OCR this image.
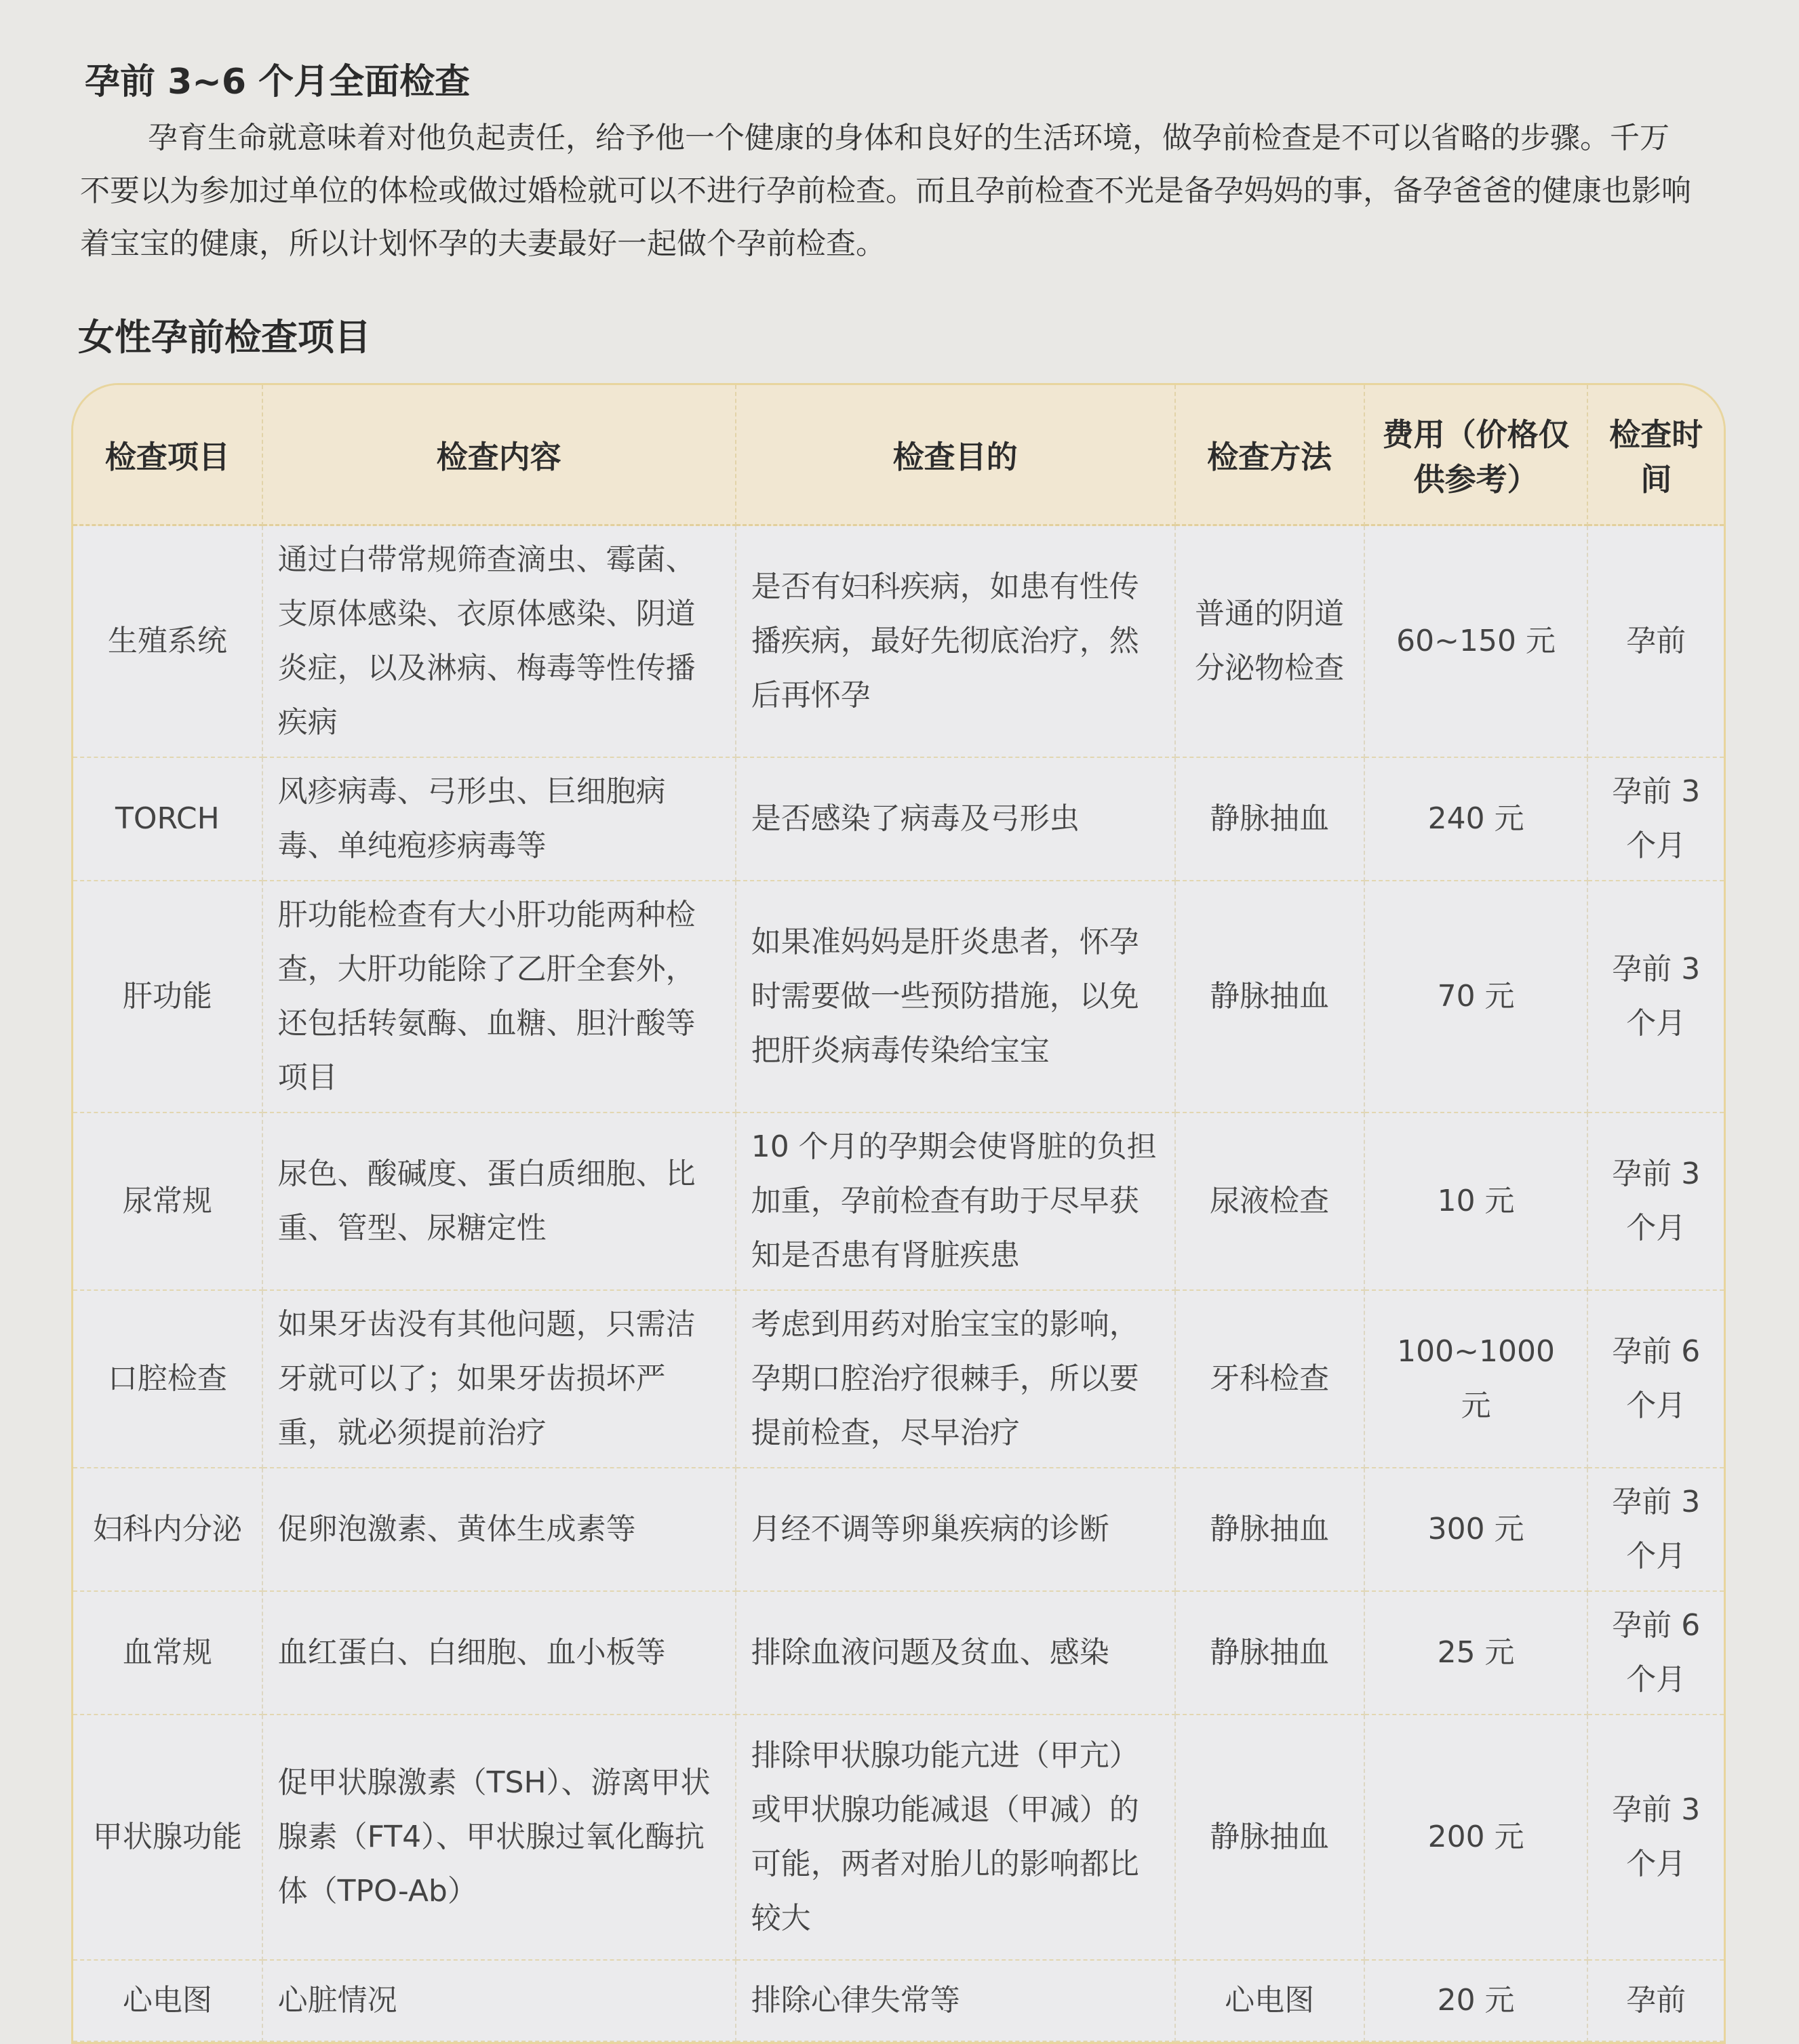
孕前 3~6 个月全面检查
孕育生命就意味着对他负起责任，给予他一个健康的身体和良好的生活环境，做孕前检查是不可以省略的步骤。千万不要以为参加过单位的体检或做过婚检就可以不进行孕前检查。而且孕前检查不光是备孕妈妈的事，备孕爸爸的健康也影响着宝宝的健康，所以计划怀孕的夫妻最好一起做个孕前检查。
女性孕前检查项目
检查项目	检查内容	检查目的	检查方法	费用（价格仅供参考）	检查时间
生殖系统	通过白带常规筛查滴虫、霉菌、支原体感染、衣原体感染、阴道炎症，以及淋病、梅毒等性传播疾病	是否有妇科疾病，如患有性传播疾病，最好先彻底治疗，然后再怀孕	普通的阴道分泌物检查	60~150 元	孕前
TORCH	风疹病毒、弓形虫、巨细胞病毒、单纯疱疹病毒等	是否感染了病毒及弓形虫	静脉抽血	240 元	孕前 3 个月
肝功能	肝功能检查有大小肝功能两种检查，大肝功能除了乙肝全套外，还包括转氨酶、血糖、胆汁酸等项目	如果准妈妈是肝炎患者，怀孕时需要做一些预防措施，以免把肝炎病毒传染给宝宝	静脉抽血	70 元	孕前 3 个月
尿常规	尿色、酸碱度、蛋白质细胞、比重、管型、尿糖定性	10 个月的孕期会使肾脏的负担加重，孕前检查有助于尽早获知是否患有肾脏疾患	尿液检查	10 元	孕前 3 个月
口腔检查	如果牙齿没有其他问题，只需洁牙就可以了；如果牙齿损坏严重，就必须提前治疗	考虑到用药对胎宝宝的影响，孕期口腔治疗很棘手，所以要提前检查，尽早治疗	牙科检查	100~1000 元	孕前 6 个月
妇科内分泌	促卵泡激素、黄体生成素等	月经不调等卵巢疾病的诊断	静脉抽血	300 元	孕前 3 个月
血常规	血红蛋白、白细胞、血小板等	排除血液问题及贫血、感染	静脉抽血	25 元	孕前 6 个月
甲状腺功能	促甲状腺激素（TSH）、游离甲状腺素（FT4）、甲状腺过氧化酶抗体（TPO-Ab）	排除甲状腺功能亢进（甲亢）或甲状腺功能减退（甲减）的可能，两者对胎儿的影响都比较大	静脉抽血	200 元	孕前 3 个月
心电图	心脏情况	排除心律失常等	心电图	20 元	孕前
